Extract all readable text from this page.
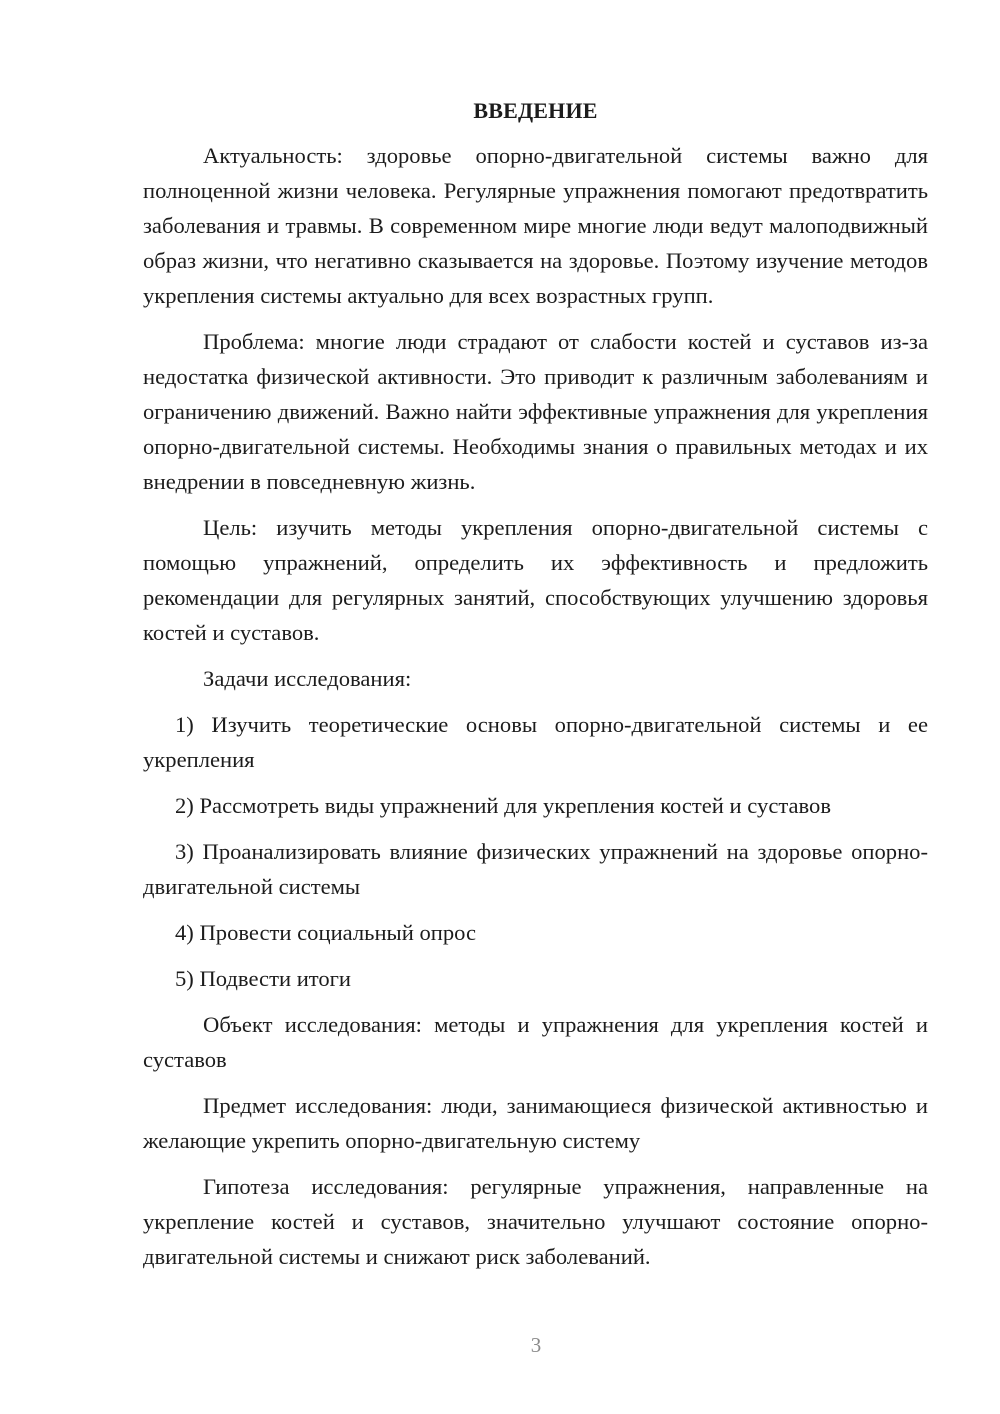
ВВЕДЕНИЕ

Актуальность: здоровье опорно-двигательной системы важно для полноценной жизни человека. Регулярные упражнения помогают предотвратить заболевания и травмы. В современном мире многие люди ведут малоподвижный образ жизни, что негативно сказывается на здоровье. Поэтому изучение методов укрепления системы актуально для всех возрастных групп.

Проблема: многие люди страдают от слабости костей и суставов из-за недостатка физической активности. Это приводит к различным заболеваниям и ограничению движений. Важно найти эффективные упражнения для укрепления опорно-двигательной системы. Необходимы знания о правильных методах и их внедрении в повседневную жизнь.

Цель: изучить методы укрепления опорно-двигательной системы с помощью упражнений, определить их эффективность и предложить рекомендации для регулярных занятий, способствующих улучшению здоровья костей и суставов.

Задачи исследования:

1) Изучить теоретические основы опорно-двигательной системы и ее укрепления

2) Рассмотреть виды упражнений для укрепления костей и суставов

3) Проанализировать влияние физических упражнений на здоровье опорно-двигательной системы

4) Провести социальный опрос

5) Подвести итоги

Объект исследования: методы и упражнения для укрепления костей и суставов

Предмет исследования: люди, занимающиеся физической активностью и желающие укрепить опорно-двигательную систему

Гипотеза исследования: регулярные упражнения, направленные на укрепление костей и суставов, значительно улучшают состояние опорно-двигательной системы и снижают риск заболеваний.

3
